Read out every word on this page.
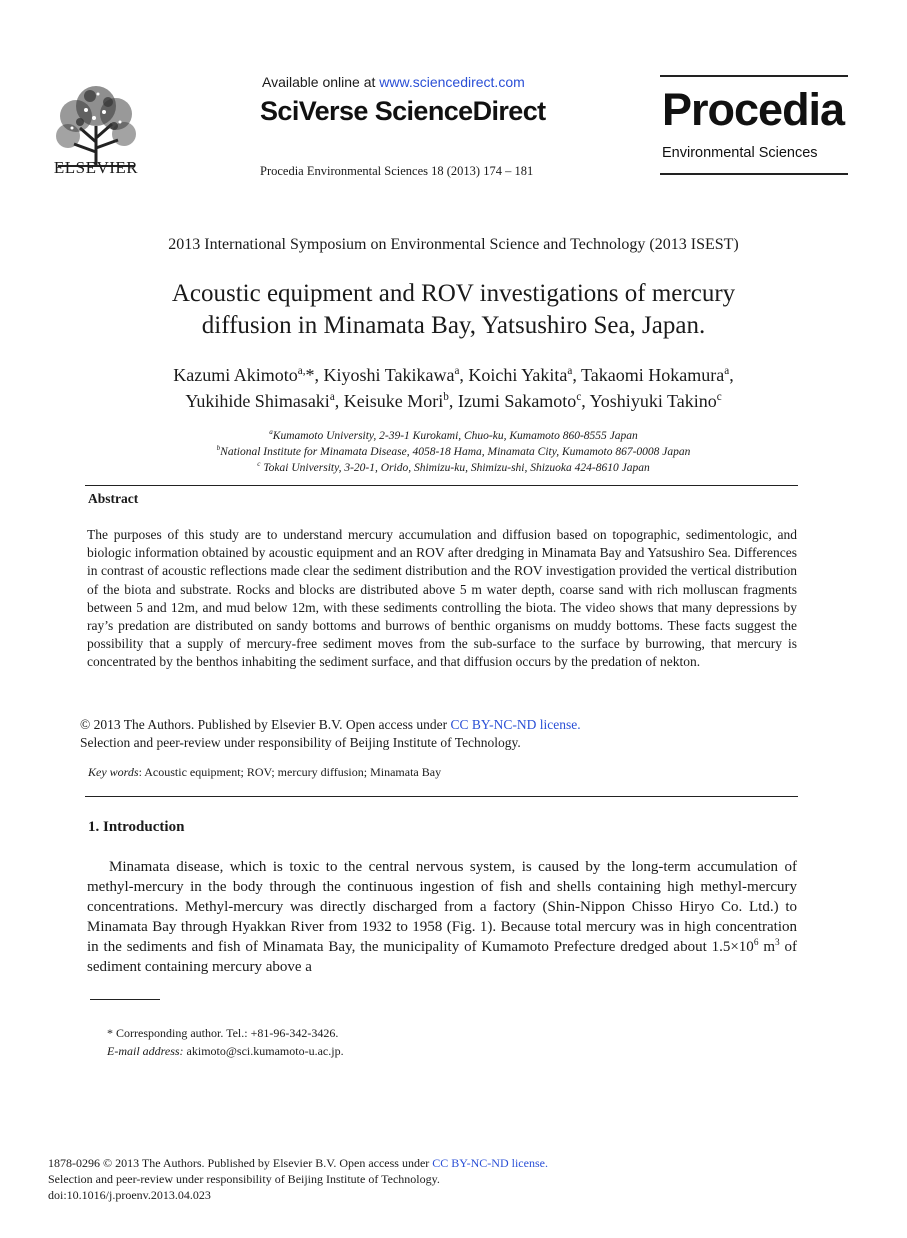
ELSEVIER
Available online at www.sciencedirect.com
SciVerse ScienceDirect
Procedia Environmental Sciences 18 (2013) 174 – 181
Procedia
Environmental Sciences
2013 International Symposium on Environmental Science and Technology (2013 ISEST)
Acoustic equipment and ROV investigations of mercury
diffusion in Minamata Bay, Yatsushiro Sea, Japan.
Kazumi Akimoto$^{a,}$*, Kiyoshi Takikawa$^a$, Koichi Yakita$^a$, Takaomi Hokamura$^a$,
Yukihide Shimasaki$^a$, Keisuke Mori$^b$, Izumi Sakamoto$^c$, Yoshiyuki Takino$^c$
$^a$Kumamoto University, 2-39-1 Kurokami, Chuo-ku, Kumamoto 860-8555 Japan
$^b$National Institute for Minamata Disease, 4058-18 Hama, Minamata City, Kumamoto 867-0008 Japan
$^c$ Tokai University, 3-20-1, Orido, Shimizu-ku, Shimizu-shi, Shizuoka 424-8610 Japan
Abstract
The purposes of this study are to understand mercury accumulation and diffusion based on topographic, sedimentologic, and biologic information obtained by acoustic equipment and an ROV after dredging in Minamata Bay and Yatsushiro Sea. Differences in contrast of acoustic reflections made clear the sediment distribution and the ROV investigation provided the vertical distribution of the biota and substrate. Rocks and blocks are distributed above 5 m water depth, coarse sand with rich molluscan fragments between 5 and 12m, and mud below 12m, with these sediments controlling the biota. The video shows that many depressions by ray’s predation are distributed on sandy bottoms and burrows of benthic organisms on muddy bottoms. These facts suggest the possibility that a supply of mercury-free sediment moves from the sub-surface to the surface by burrowing, that mercury is concentrated by the benthos inhabiting the sediment surface, and that diffusion occurs by the predation of nekton.
© 2013 The Authors. Published by Elsevier B.V. Open access under CC BY-NC-ND license.
Selection and peer-review under responsibility of Beijing Institute of Technology.
Key words: Acoustic equipment; ROV; mercury diffusion; Minamata Bay
1. Introduction
Minamata disease, which is toxic to the central nervous system, is caused by the long-term accumulation of methyl-mercury in the body through the continuous ingestion of fish and shells containing high methyl-mercury concentrations. Methyl-mercury was directly discharged from a factory (Shin-Nippon Chisso Hiryo Co. Ltd.) to Minamata Bay through Hyakkan River from 1932 to 1958 (Fig. 1). Because total mercury was in high concentration in the sediments and fish of Minamata Bay, the municipality of Kumamoto Prefecture dredged about $1.5\times 10^6$ $m^3$ of sediment containing mercury above a
* Corresponding author. Tel.: +81-96-342-3426.
E-mail address: akimoto@sci.kumamoto-u.ac.jp.
1878-0296 © 2013 The Authors. Published by Elsevier B.V. Open access under CC BY-NC-ND license.
Selection and peer-review under responsibility of Beijing Institute of Technology.
doi:10.1016/j.proenv.2013.04.023
